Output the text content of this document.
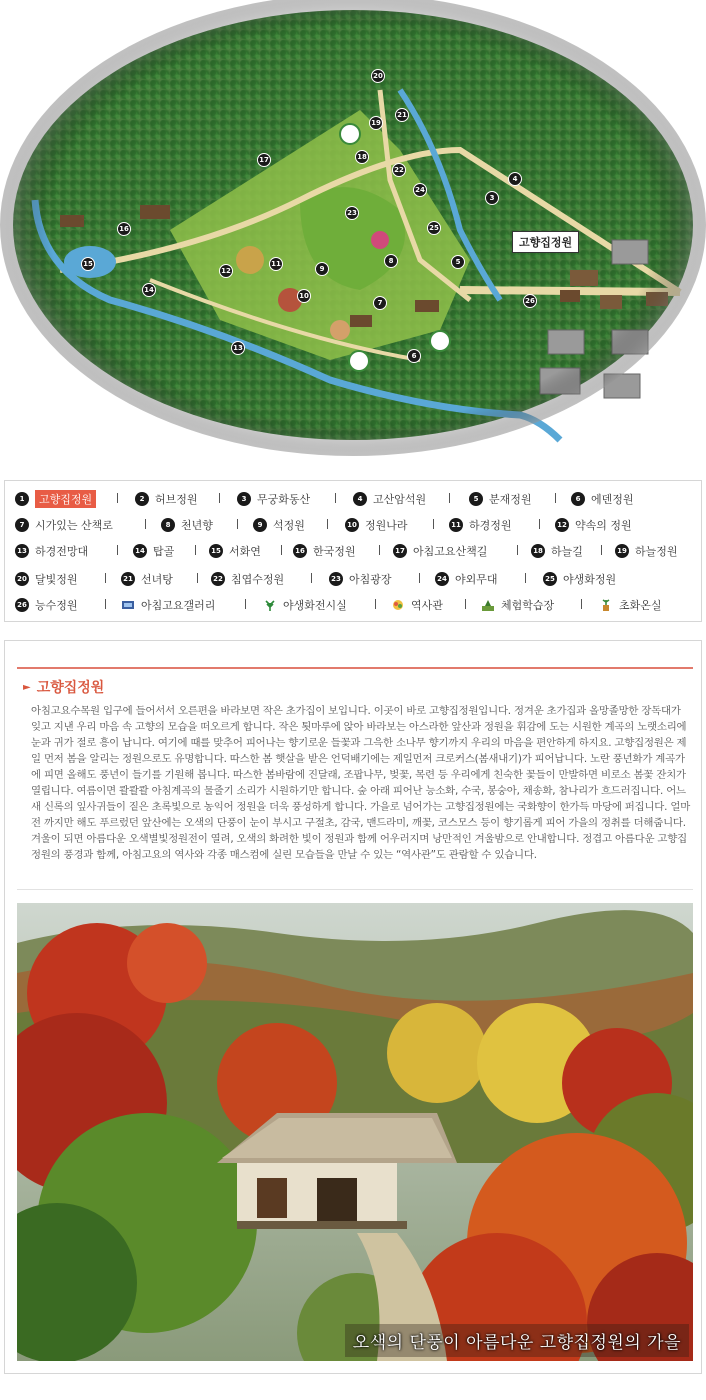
20
19
21
18
17
4
22
24
3
23
16	25
8	5
15	11
12	9
10
14
7	26
6
13
✿
♣
☂
고향집정원
1	고향집정원	2 허브정원	3 무궁화동산	4 고산암석원	5 분재정원	6 에덴정원
7 시가있는 산책로	8 천년향	9 석정원	10 정원나라	11 하경정원	12 약속의 정원
13 하경전망대	14 탑골	15 서화연	16 한국정원	17 아침고요산책길	18 하늘길	19 하늘정원
20 달빛정원	21 선녀탕	22 침엽수정원	23 아침광장	24 야외무대	25 야생화정원
26 능수정원	아침고요갤러리	야생화전시실	역사관	체험학습장	초화온실
► 고향집정원

아침고요수목원 입구에 들어서서 오른편을 바라보면 작은 초가집이 보입니다. 이곳이 바로 고향집정원입니다. 정겨운 초가집과 올망졸망한 장독대가 잊고 지낸 우리 마음 속 고향의 모습을 떠오르게 합니다. 작은 툇마루에 앉아 바라보는 아스라한 앞산과 정원을 휘감에 도는 시원한 계곡의 노랫소리에 눈과 귀가 절로 흥이 납니다. 여기에 때를 맞추어 피어나는 향기로운 들꽃과 그윽한 소나무 향기까지 우리의 마음을 편안하게 하지요. 고향집정원은 제일 먼저 봄을 알리는 정원으로도 유명합니다. 따스한 봄 햇살을 받은 언덕배기에는 제일먼저 크로커스(봄새내기)가 피어납니다. 노란 풍년화가 계곡가에 피면 올해도 풍년이 들기를 기원해 봅니다. 따스한 봄바람에 진달래, 조팝나무, 벚꽃, 목련 등 우리에게 친숙한 꽃들이 만발하면 비로소 봄꽃 잔치가 열립니다. 여름이면 콸콸콸 아침계곡의 물줄기 소리가 시원하기만 합니다. 숲 아래 피어난 능소화, 수국, 봉숭아, 채송화, 참나리가 흐드러집니다. 어느새 신록의 잎사귀들이 짙은 초록빛으로 농익어 정원을 더욱 풍성하게 합니다. 가을로 넘어가는 고향집정원에는 국화향이 한가득 마당에 퍼집니다. 얼마 전 까지만 해도 푸르렀던 앞산에는 오색의 단풍이 눈이 부시고 구절초, 감국, 맨드라미, 깨꽃, 코스모스 등이 향기롭게 피어 가을의 정취를 더해줍니다. 겨울이 되면 아름다운 오색별빛정원전이 열려, 오색의 화려한 빛이 정원과 함께 어우러지며 낭만적인 겨울밤으로 안내합니다. 정겹고 아름다운 고향집정원의 풍경과 함께, 아침고요의 역사와 각종 매스컴에 실린 모습들을 만날 수 있는 “역사관”도 관람할 수 있습니다.

오색의 단풍이 아름다운 고향집정원의 가을
